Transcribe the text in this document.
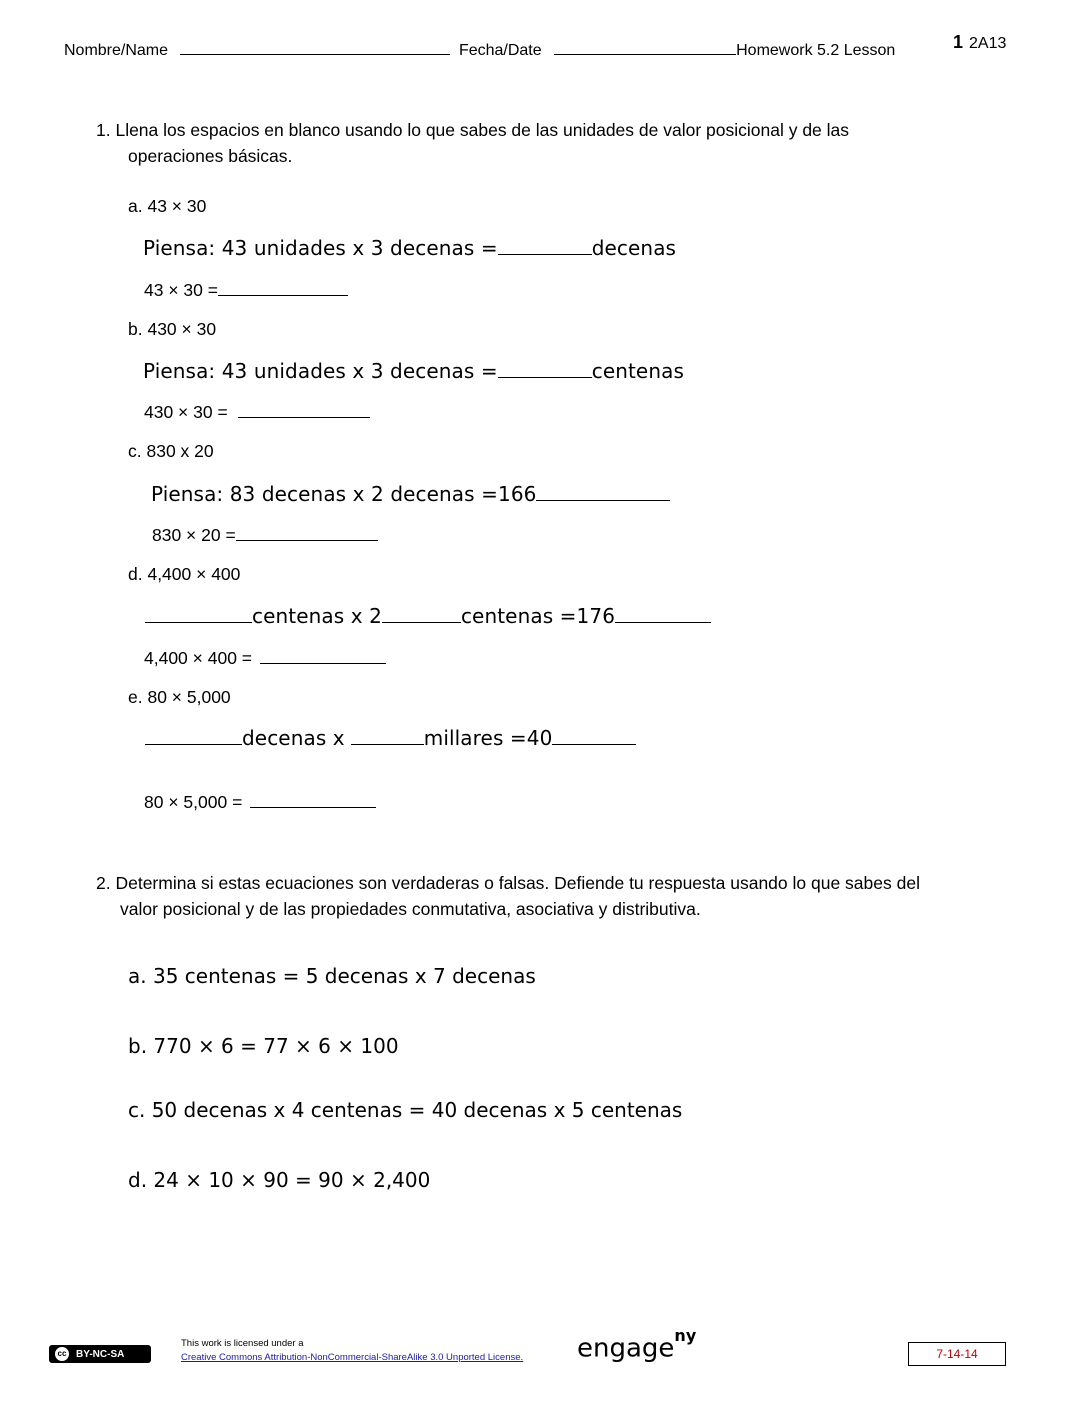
Nombre/Name	Fecha/Date	Homework 5.2 Lesson	1 2A13
1. Llena los espacios en blanco usando lo que sabes de las unidades de valor posicional y de las
operaciones básicas.
a. 43 × 30
Piensa: 43 unidades x 3 decenas =	decenas
43 × 30 =
b. 430 × 30
Piensa: 43 unidades x 3 decenas =	centenas
430 × 30 =
c. 830 x 20
Piensa: 83 decenas x 2 decenas =166
830 × 20 =
d. 4,400 × 400
centenas x 2	centenas =176
4,400 × 400 =
e. 80 × 5,000
decenas x	millares =40
80 × 5,000 =
2. Determina si estas ecuaciones son verdaderas o falsas. Defiende tu respuesta usando lo que sabes del
valor posicional y de las propiedades conmutativa, asociativa y distributiva.
a. 35 centenas = 5 decenas x 7 decenas
b. 770 × 6 = 77 × 6 × 100
c. 50 decenas x 4 centenas = 40 decenas x 5 centenas
d. 24 × 10 × 90 = 90 × 2,400
cc BY-NC-SA
This work is licensed under a
Creative Commons Attribution-NonCommercial-ShareAlike 3.0 Unported License. engage$^{ny}$
7-14-14
